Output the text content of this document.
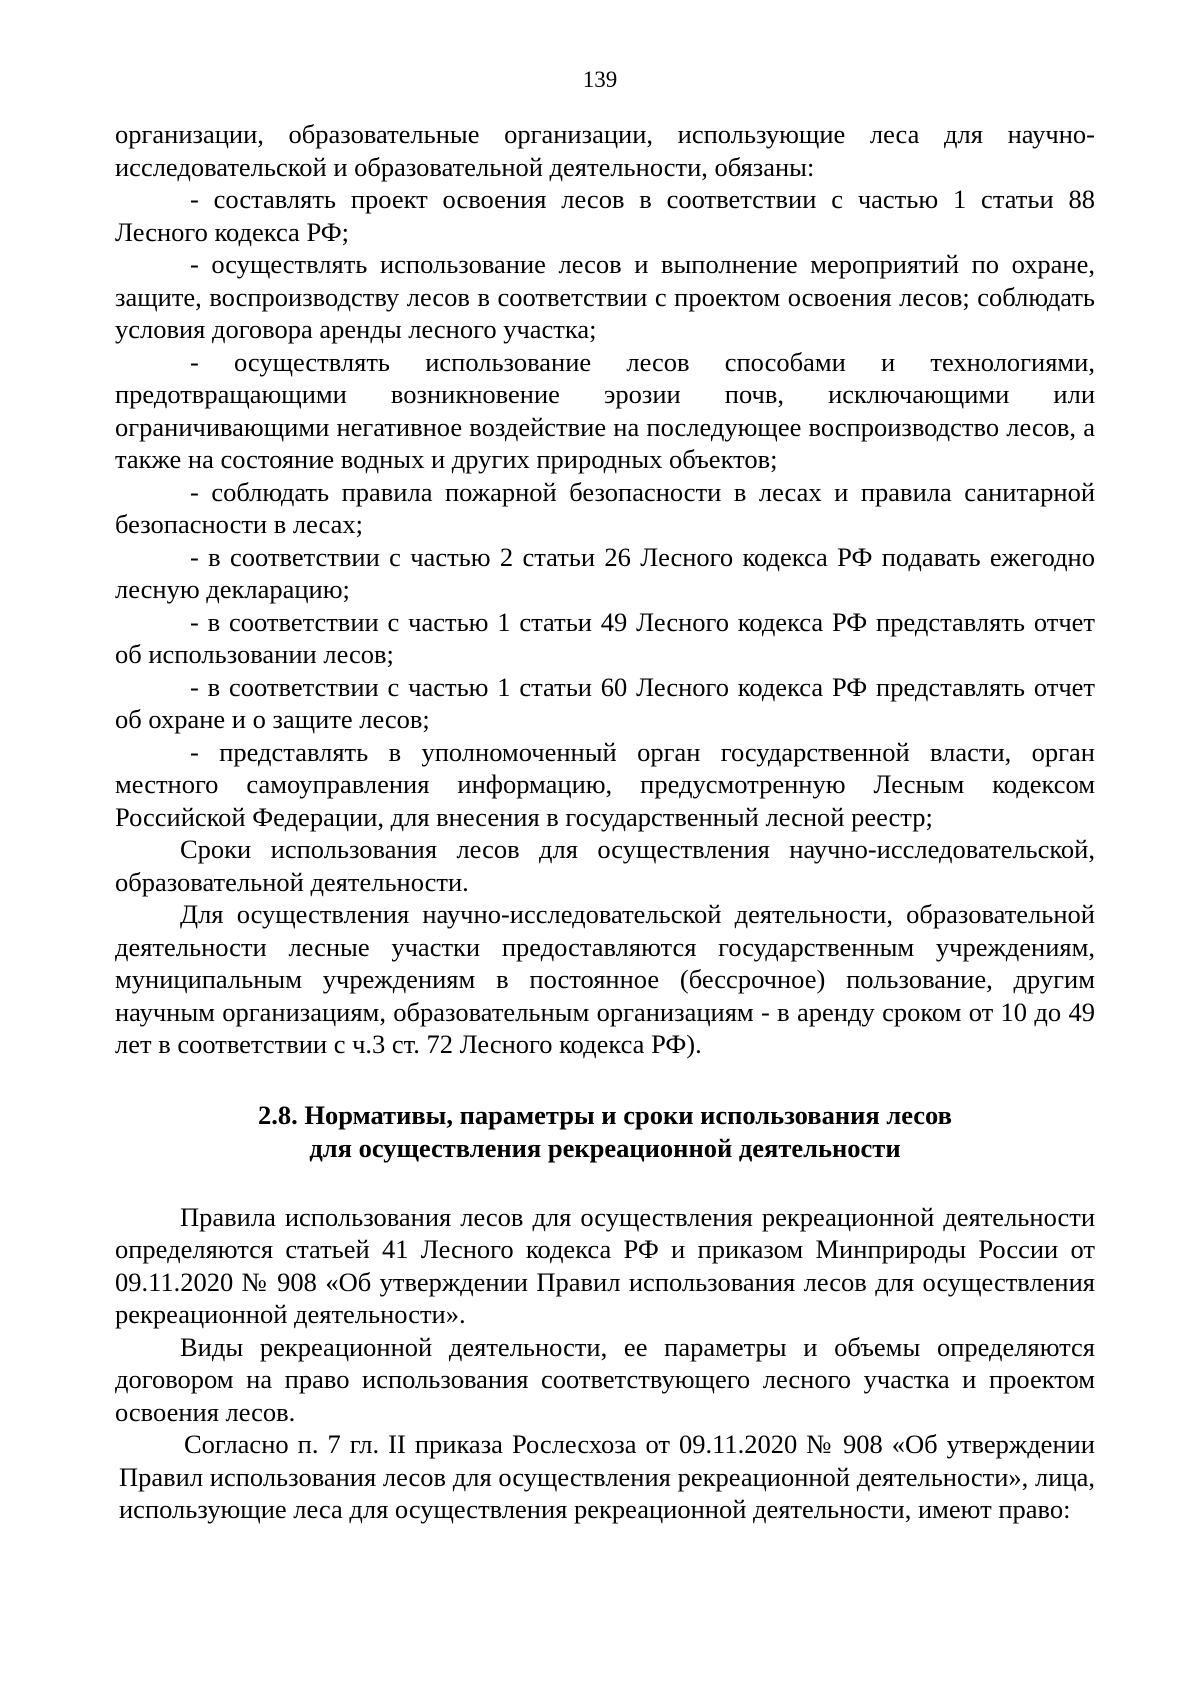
139

организации, образовательные организации, использующие леса для научно-исследовательской и образовательной деятельности, обязаны:

- составлять проект освоения лесов в соответствии с частью 1 статьи 88 Лесного кодекса РФ;

- осуществлять использование лесов и выполнение мероприятий по охране, защите, воспроизводству лесов в соответствии с проектом освоения лесов; соблюдать условия договора аренды лесного участка;

- осуществлять использование лесов способами и технологиями, предотвращающими возникновение эрозии почв, исключающими или ограничивающими негативное воздействие на последующее воспроизводство лесов, а также на состояние водных и других природных объектов;

- соблюдать правила пожарной безопасности в лесах и правила санитарной безопасности в лесах;

- в соответствии с частью 2 статьи 26 Лесного кодекса РФ подавать ежегодно лесную декларацию;

- в соответствии с частью 1 статьи 49 Лесного кодекса РФ представлять отчет об использовании лесов;

- в соответствии с частью 1 статьи 60 Лесного кодекса РФ представлять отчет об охране и о защите лесов;

- представлять в уполномоченный орган государственной власти, орган местного самоуправления информацию, предусмотренную Лесным кодексом Российской Федерации, для внесения в государственный лесной реестр;

Сроки использования лесов для осуществления научно-исследовательской, образовательной деятельности.

Для осуществления научно-исследовательской деятельности, образовательной деятельности лесные участки предоставляются государственным учреждениям, муниципальным учреждениям в постоянное (бессрочное) пользование, другим научным организациям, образовательным организациям - в аренду сроком от 10 до 49 лет в соответствии с ч.3 ст. 72 Лесного кодекса РФ).

2.8. Нормативы, параметры и сроки использования лесов
для осуществления рекреационной деятельности

Правила использования лесов для осуществления рекреационной деятельности определяются статьей 41 Лесного кодекса РФ и приказом Минприроды России от 09.11.2020 № 908 «Об утверждении Правил использования лесов для осуществления рекреационной деятельности».

Виды рекреационной деятельности, ее параметры и объемы определяются договором на право использования соответствующего лесного участка и проектом освоения лесов.

Согласно п. 7 гл. II приказа Рослесхоза от 09.11.2020 № 908 «Об утверждении Правил использования лесов для осуществления рекреационной деятельности», лица, использующие леса для осуществления рекреационной деятельности, имеют право:
